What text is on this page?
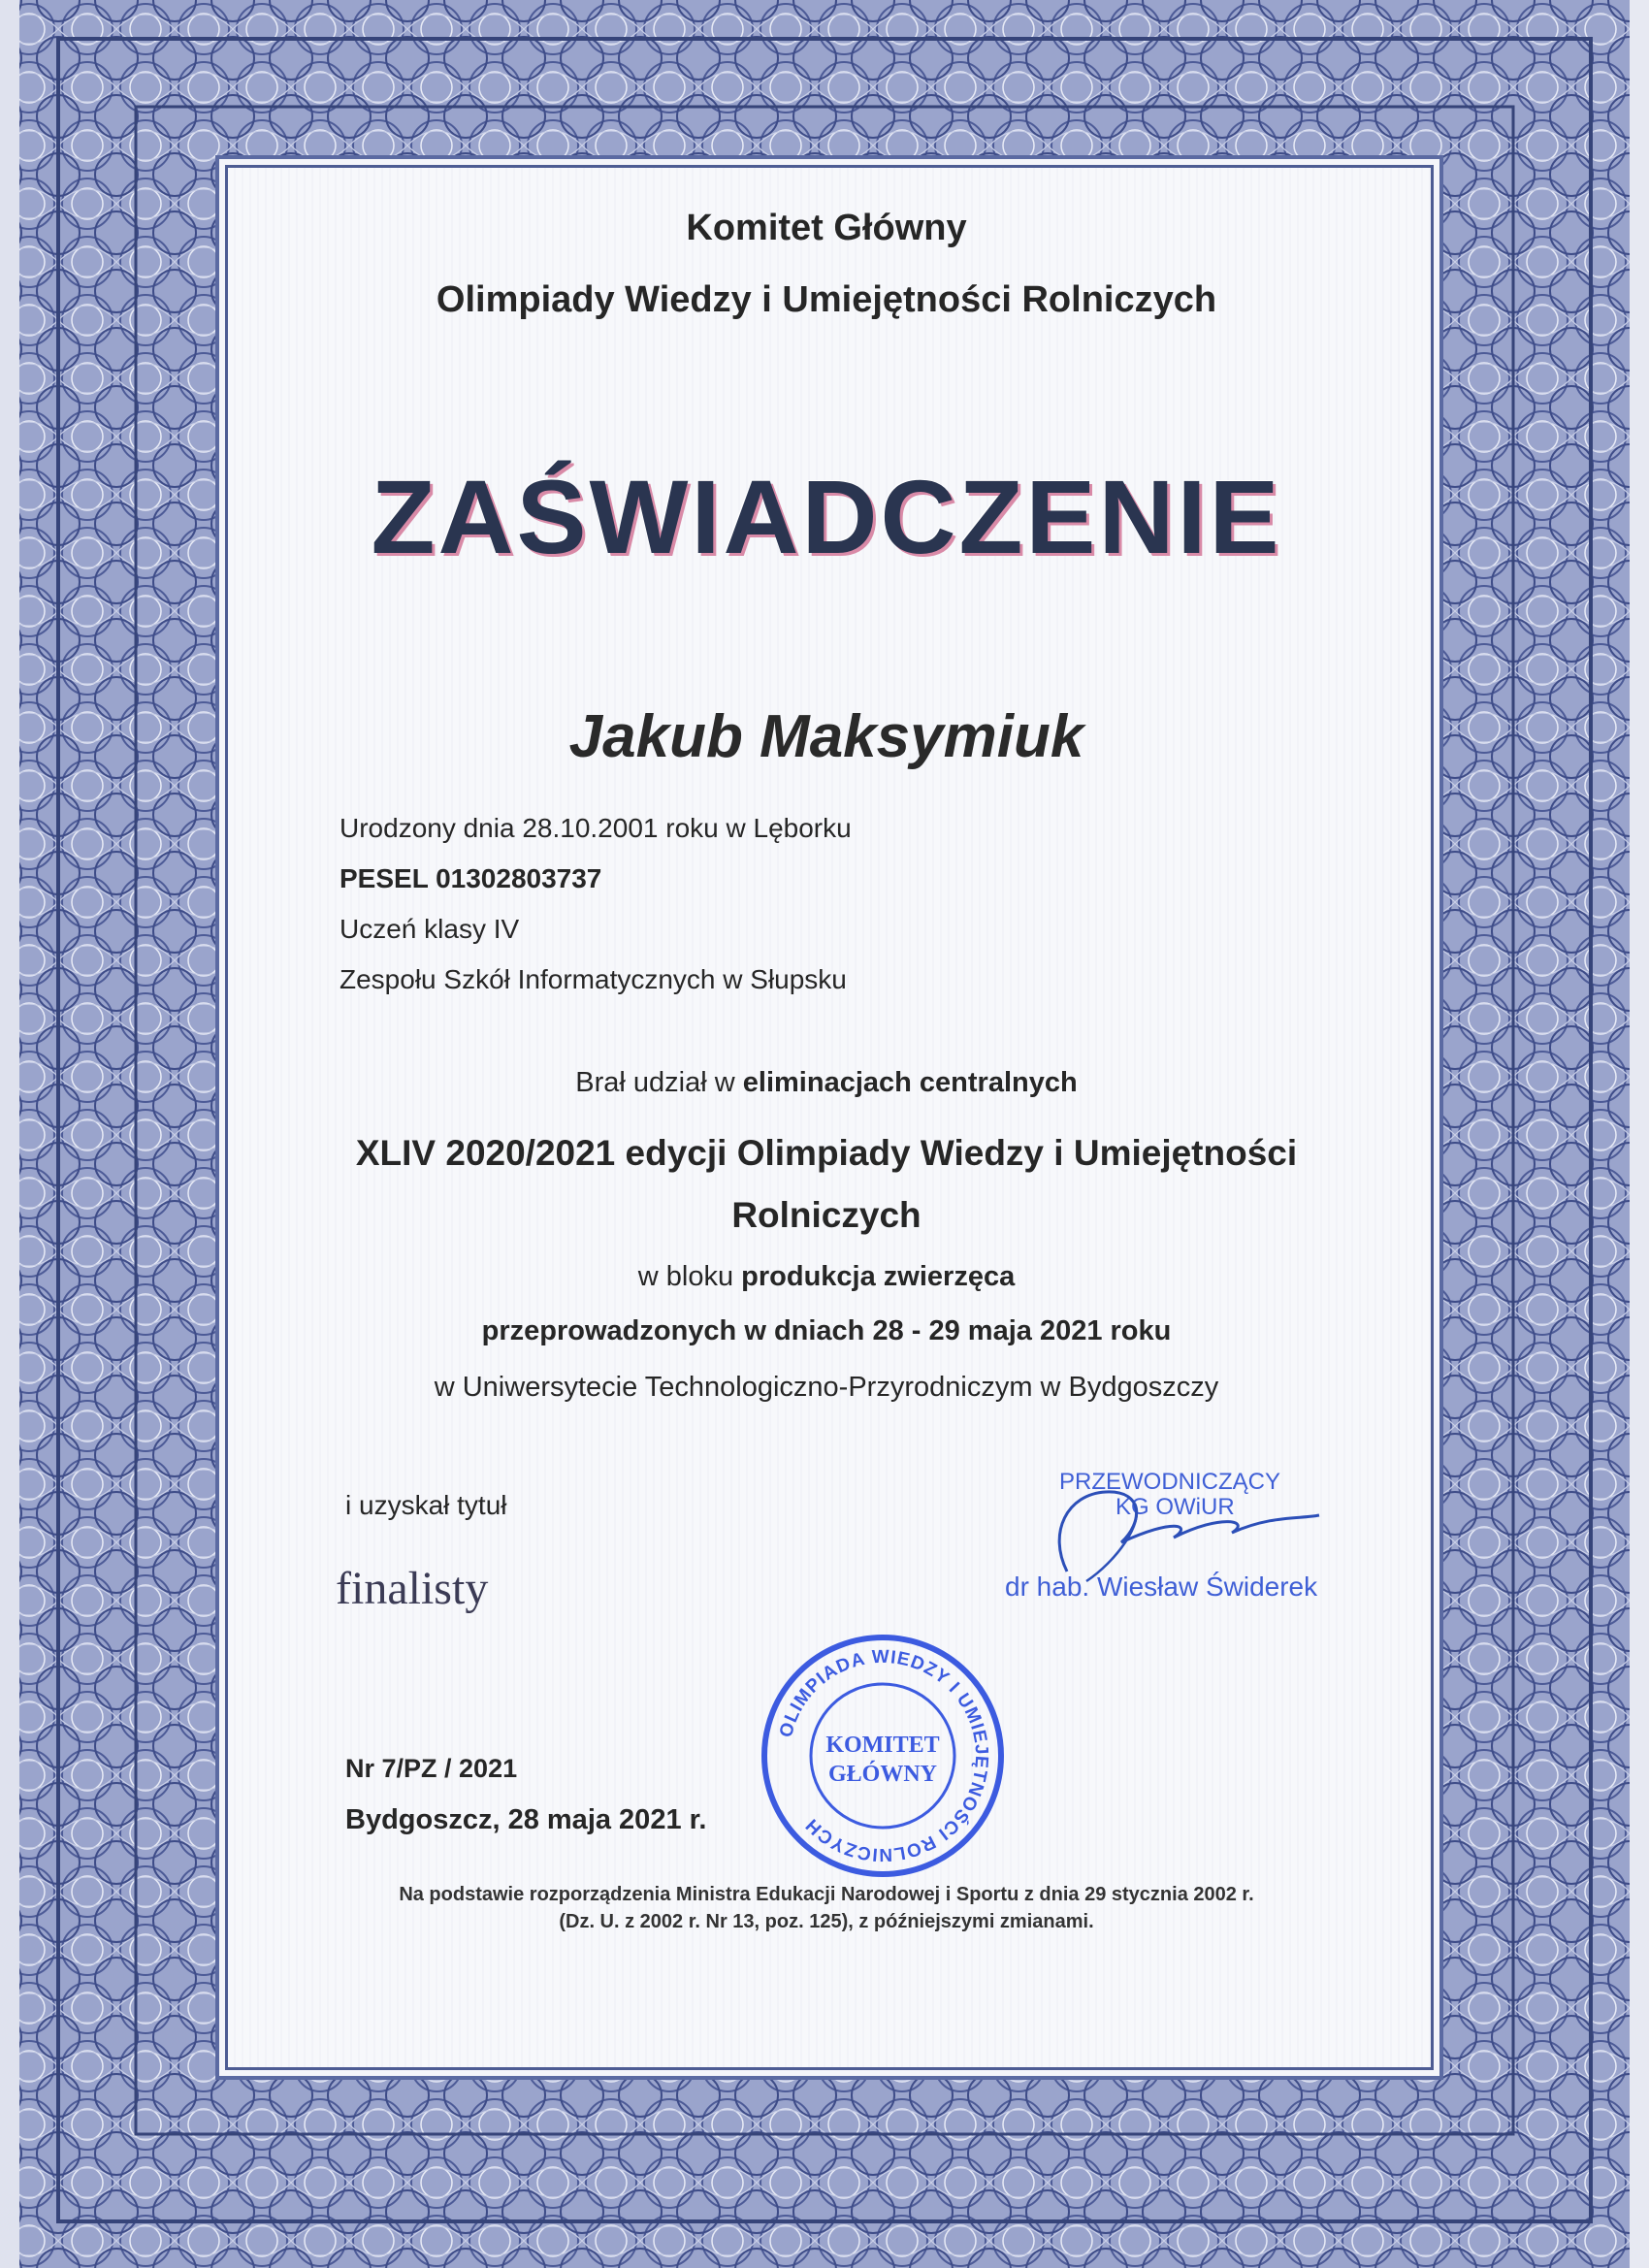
Komitet Główny
Olimpiady Wiedzy i Umiejętności Rolniczych
ZAŚWIADCZENIE
Jakub Maksymiuk
Urodzony dnia 28.10.2001 roku w Lęborku
PESEL 01302803737
Uczeń klasy IV
Zespołu Szkół Informatycznych w Słupsku
Brał udział w eliminacjach centralnych
XLIV 2020/2021 edycji Olimpiady Wiedzy i Umiejętności
Rolniczych
w bloku produkcja zwierzęca
przeprowadzonych w dniach 28 - 29 maja 2021 roku
w Uniwersytecie Technologiczno-Przyrodniczym w Bydgoszczy
i uzyskał tytuł
finalisty
PRZEWODNICZĄCY
KG OWiUR
dr hab. Wiesław Świderek
OLIMPIADA WIEDZY I UMIEJĘTNOŚCI ROLNICZYCH
KOMITET
GŁÓWNY
Nr 7/PZ / 2021
Bydgoszcz, 28 maja 2021 r.
Na podstawie rozporządzenia Ministra Edukacji Narodowej i Sportu z dnia 29 stycznia 2002 r.
(Dz. U. z 2002 r. Nr 13, poz. 125), z późniejszymi zmianami.
